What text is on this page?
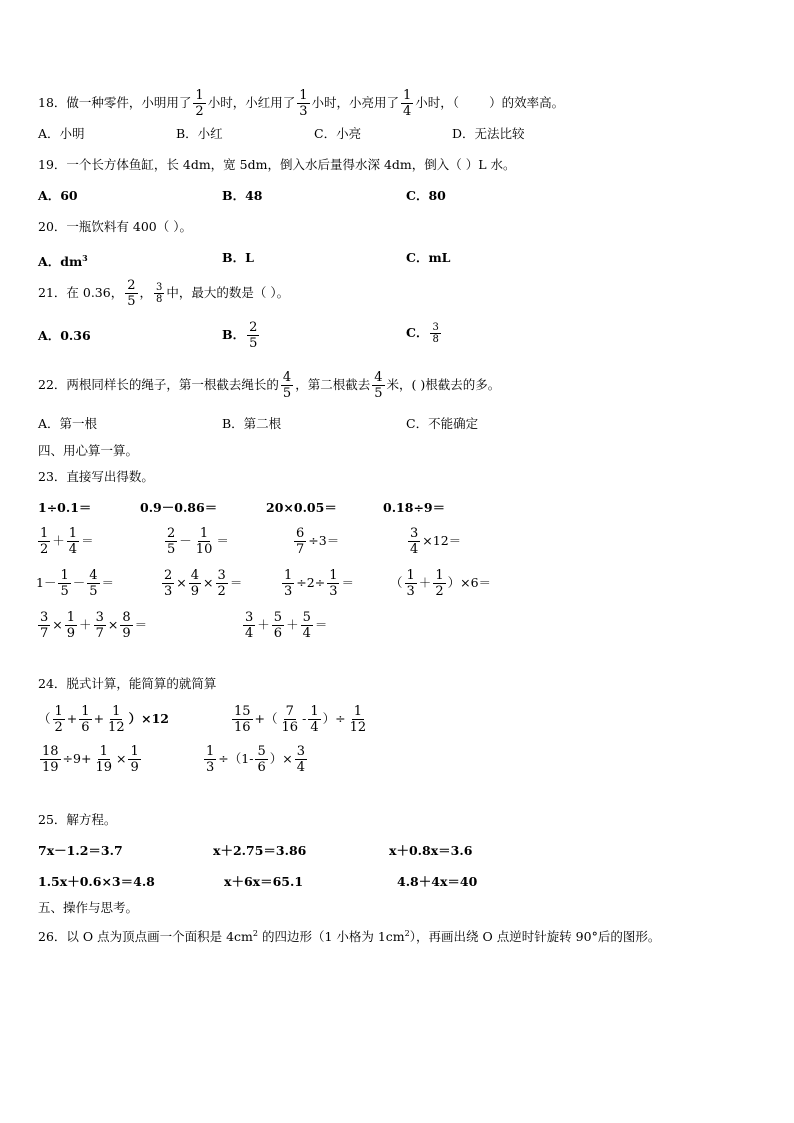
18．做一种零件，小明用了 $\frac{1}{2}$ 小时，小红用了 $\frac{1}{3}$ 小时，小亮用了 $\frac{1}{4}$ 小时，（ ）的效率高。
A．小明	B．小红	C．小亮	D．无法比较
19．一个长方体鱼缸，长 4dm，宽 5dm，倒入水后量得水深 4dm，倒入（ ）L 水。
A．60	B．48	C．80
20．一瓶饮料有 400（ ）。
A．$dm^3$	B．L	C．mL
21．在 0.36， $\frac{2}{5}$ ， $\frac{3}{8}$ 中，最大的数是（ ）。
A．0.36	B． $\frac{2}{5}$	C． $\frac{3}{8}$
22．两根同样长的绳子，第一根截去绳长的 $\frac{4}{5}$ ，第二根截去 $\frac{4}{5}$ 米，( )根截去的多。
A．第一根	B．第二根	C．不能确定
四、用心算一算。
23．直接写出得数。
1÷0.1＝	0.9－0.86＝	20×0.05＝	0.18÷9＝
$\frac{1}{2} + \frac{1}{4}$ ＝	$\frac{2}{5} - \frac{1}{10}$ ＝	$\frac{6}{7} \div 3=$	$\frac{3}{4} \times 12=$
$1- \frac{1}{5} - \frac{4}{5}$ ＝	$\frac{2}{3} \times \frac{4}{9} \times \frac{3}{2}$ ＝	$\frac{1}{3} \div 2\div \frac{1}{3}$ ＝	（ $\frac{1}{3} + \frac{1}{2} )\times 6=$
$\frac{3}{7} \times \frac{1}{9} + \frac{3}{7} \times \frac{8}{9}$ ＝	$\frac{3}{4} + \frac{5}{6} + \frac{5}{4}$ ＝
24．脱式计算，能简算的就简算
（ $\frac{1}{2} + \frac{1}{6} + \frac{1}{12} )\times 12$	$\frac{15}{16}$ +（ $\frac{7}{16} - \frac{1}{4}$ ）÷ $\frac{1}{12}$
$\frac{18}{19} \div 9+ \frac{1}{19} \times \frac{1}{9}$	$\frac{1}{3} \div(1- \frac{5}{6}$ ）× $\frac{3}{4}$
25．解方程。
7x－1.2＝3.7	x＋2.75＝3.86	x＋0.8x＝3.6
1.5x＋0.6×3＝4.8	x＋6x＝65.1	4.8＋4x＝40
五、操作与思考。
26．以 O 点为顶点画一个面积是 $4cm^2$ 的四边形（1 小格为 $1cm^2$），再画出绕 O 点逆时针旋转 90°后的图形。
